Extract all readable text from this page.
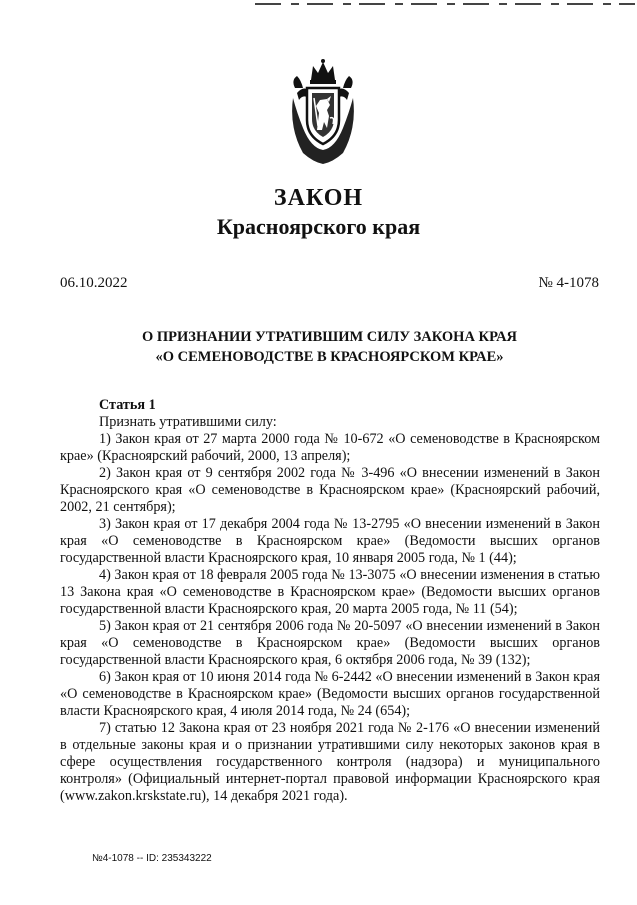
ЗАКОН
Красноярского края
06.10.2022	№ 4-1078
О ПРИЗНАНИИ УТРАТИВШИМ СИЛУ ЗАКОНА КРАЯ
«О СЕМЕНОВОДСТВЕ В КРАСНОЯРСКОМ КРАЕ»
Статья 1

Признать утратившими силу:

1) Закон края от 27 марта 2000 года № 10-672 «О семеноводстве в Красноярском крае» (Красноярский рабочий, 2000, 13 апреля);

2) Закон края от 9 сентября 2002 года № 3-496 «О внесении изменений в Закон Красноярского края «О семеноводстве в Красноярском крае» (Красноярский рабочий, 2002, 21 сентября);

3) Закон края от 17 декабря 2004 года № 13-2795 «О внесении изменений в Закон края «О семеноводстве в Красноярском крае» (Ведомости высших органов государственной власти Красноярского края, 10 января 2005 года, № 1 (44);

4) Закон края от 18 февраля 2005 года № 13-3075 «О внесении изменения в статью 13 Закона края «О семеноводстве в Красноярском крае» (Ведомости высших органов государственной власти Красноярского края, 20 марта 2005 года, № 11 (54);

5) Закон края от 21 сентября 2006 года № 20-5097 «О внесении изменений в Закон края «О семеноводстве в Красноярском крае» (Ведомости высших органов государственной власти Красноярского края, 6 октября 2006 года, № 39 (132);

6) Закон края от 10 июня 2014 года № 6-2442 «О внесении изменений в Закон края «О семеноводстве в Красноярском крае» (Ведомости высших органов государственной власти Красноярского края, 4 июля 2014 года, № 24 (654);

7) статью 12 Закона края от 23 ноября 2021 года № 2-176 «О внесении изменений в отдельные законы края и о признании утратившими силу некоторых законов края в сфере осуществления государственного контроля (надзора) и муниципального контроля» (Официальный интернет-портал правовой информации Красноярского края (www.zakon.krskstate.ru), 14 декабря 2021 года).

№4-1078 -- ID: 235343222
